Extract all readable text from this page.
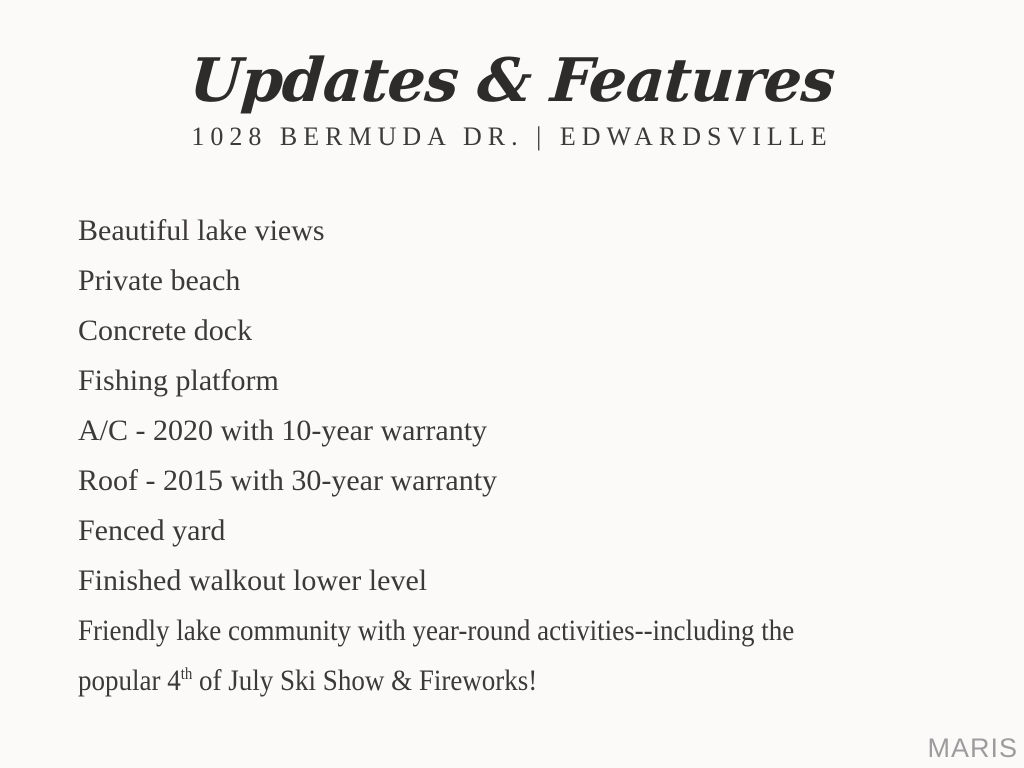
Updates & Features
1028 BERMUDA DR. | EDWARDSVILLE
Beautiful lake views
Private beach
Concrete dock
Fishing platform
A/C - 2020 with 10-year warranty
Roof - 2015 with 30-year warranty
Fenced yard
Finished walkout lower level
Friendly lake community with year-round activities--including the
popular 4th of July Ski Show & Fireworks!
MARIS
